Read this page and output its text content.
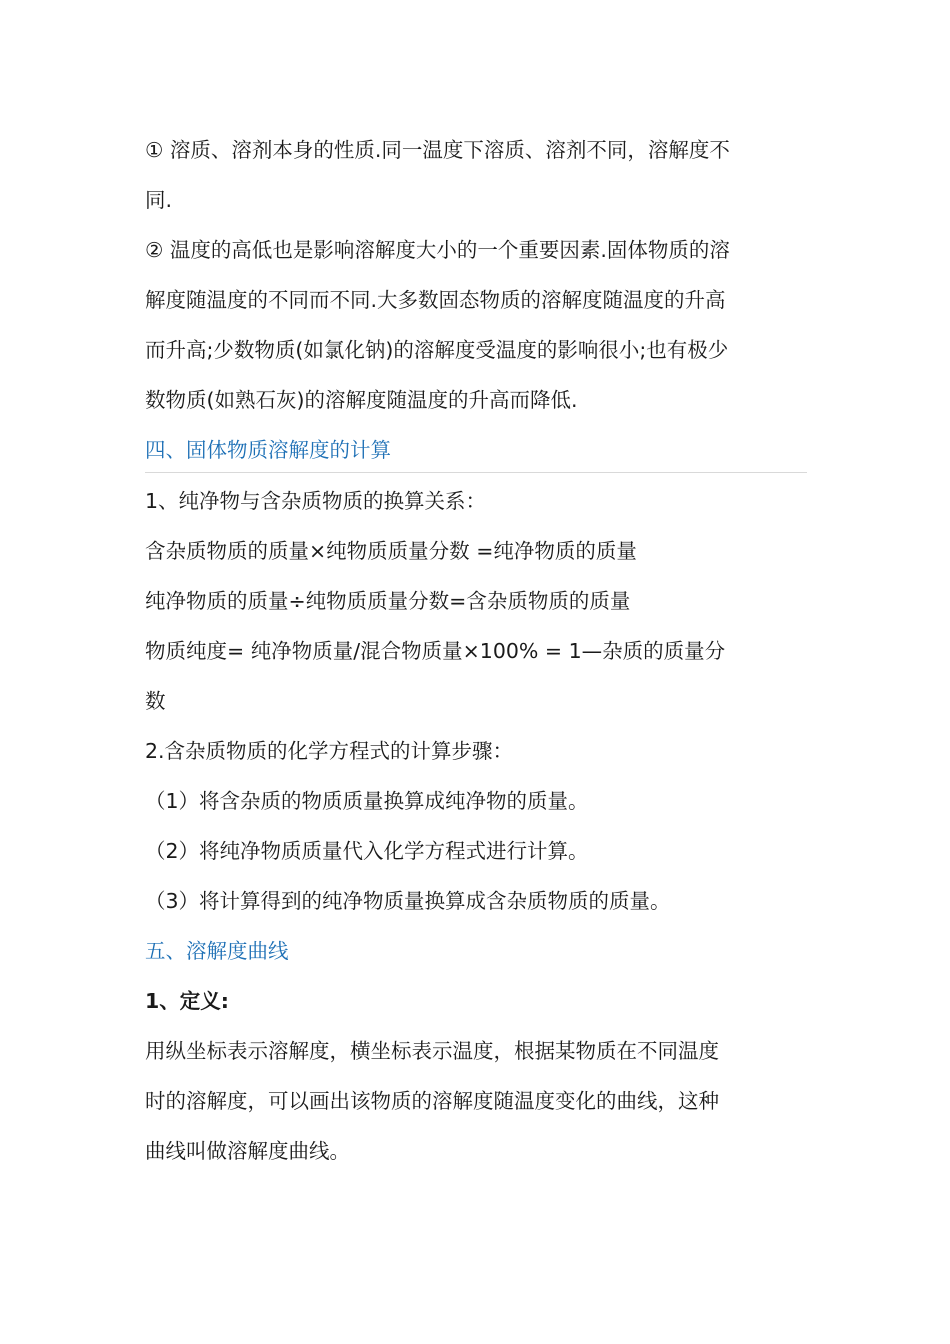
① 溶质、溶剂本身的性质.同一温度下溶质、溶剂不同，溶解度不
同.
② 温度的高低也是影响溶解度大小的一个重要因素.固体物质的溶
解度随温度的不同而不同.大多数固态物质的溶解度随温度的升高
而升高;少数物质(如氯化钠)的溶解度受温度的影响很小;也有极少
数物质(如熟石灰)的溶解度随温度的升高而降低.
四、固体物质溶解度的计算
1、纯净物与含杂质物质的换算关系：
含杂质物质的质量×纯物质质量分数 =纯净物质的质量
纯净物质的质量÷纯物质质量分数=含杂质物质的质量
物质纯度= 纯净物质量/混合物质量×100% = 1—杂质的质量分
数
2.含杂质物质的化学方程式的计算步骤：
（1）将含杂质的物质质量换算成纯净物的质量。
（2）将纯净物质质量代入化学方程式进行计算。
（3）将计算得到的纯净物质量换算成含杂质物质的质量。
五、溶解度曲线
1、定义:
用纵坐标表示溶解度，横坐标表示温度，根据某物质在不同温度
时的溶解度，可以画出该物质的溶解度随温度变化的曲线，这种
曲线叫做溶解度曲线。
